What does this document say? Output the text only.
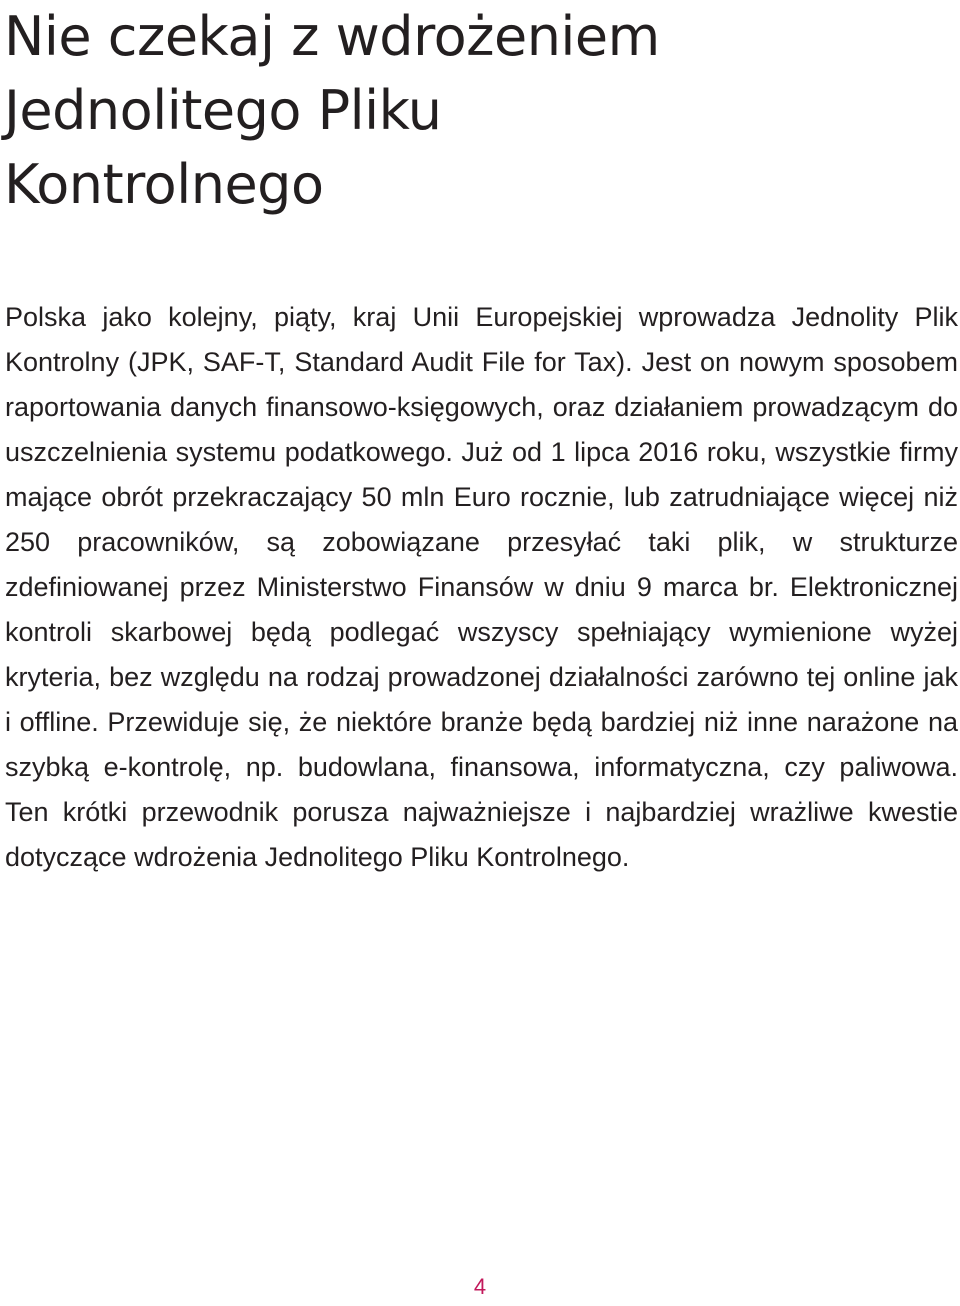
Nie czekaj z wdrożeniem
Jednolitego Pliku
Kontrolnego

Polska jako kolejny, piąty, kraj Unii Europejskiej wprowadza Jednolity Plik Kontrolny (JPK, SAF-T, Standard Audit File for Tax). Jest on nowym sposobem raportowania danych finansowo-księgowych, oraz działaniem prowadzącym do uszczelnienia systemu podatkowego. Już od 1 lipca 2016 roku, wszystkie firmy mające obrót przekraczający 50 mln Euro rocznie, lub zatrudniające więcej niż 250 pracowników, są zobowiązane przesyłać taki plik, w strukturze zdefiniowanej przez Ministerstwo Finansów w dniu 9 marca br. Elektronicznej kontroli skarbowej będą podlegać wszyscy spełniający wymienione wyżej kryteria, bez względu na rodzaj prowadzonej działalności zarówno tej online jak i offline. Przewiduje się, że niektóre branże będą bardziej niż inne narażone na szybką e-kontrolę, np. budowlana, finansowa, informatyczna, czy paliwowa. Ten krótki przewodnik porusza najważniejsze i najbardziej wrażliwe kwestie dotyczące wdrożenia Jednolitego Pliku Kontrolnego.

4
